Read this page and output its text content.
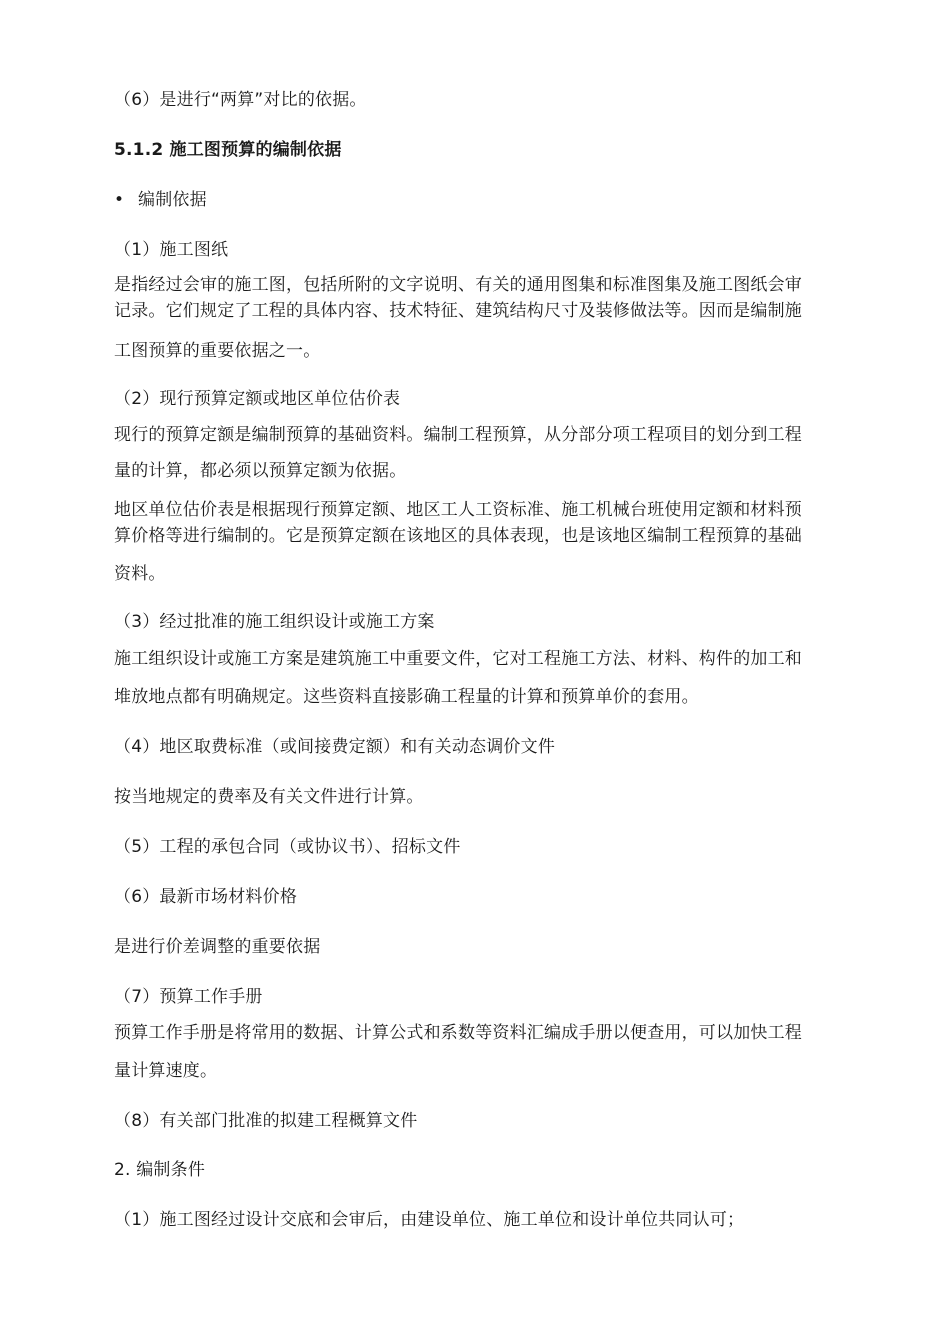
（6）是进行“两算”对比的依据。
5.1.2 施工图预算的编制依据
• 编制依据
（1）施工图纸
是指经过会审的施工图，包括所附的文字说明、有关的通用图集和标准图集及施工图纸会审
记录。它们规定了工程的具体内容、技术特征、建筑结构尺寸及装修做法等。因而是编制施
工图预算的重要依据之一。
（2）现行预算定额或地区单位估价表
现行的预算定额是编制预算的基础资料。编制工程预算，从分部分项工程项目的划分到工程
量的计算，都必须以预算定额为依据。
地区单位估价表是根据现行预算定额、地区工人工资标准、施工机械台班使用定额和材料预
算价格等进行编制的。它是预算定额在该地区的具体表现，也是该地区编制工程预算的基础
资料。
（3）经过批准的施工组织设计或施工方案
施工组织设计或施工方案是建筑施工中重要文件，它对工程施工方法、材料、构件的加工和
堆放地点都有明确规定。这些资料直接影确工程量的计算和预算单价的套用。
（4）地区取费标准（或间接费定额）和有关动态调价文件
按当地规定的费率及有关文件进行计算。
（5）工程的承包合同（或协议书）、招标文件
（6）最新市场材料价格
是进行价差调整的重要依据
（7）预算工作手册
预算工作手册是将常用的数据、计算公式和系数等资料汇编成手册以便查用，可以加快工程
量计算速度。
（8）有关部门批准的拟建工程概算文件
2. 编制条件
（1）施工图经过设计交底和会审后，由建设单位、施工单位和设计单位共同认可；
